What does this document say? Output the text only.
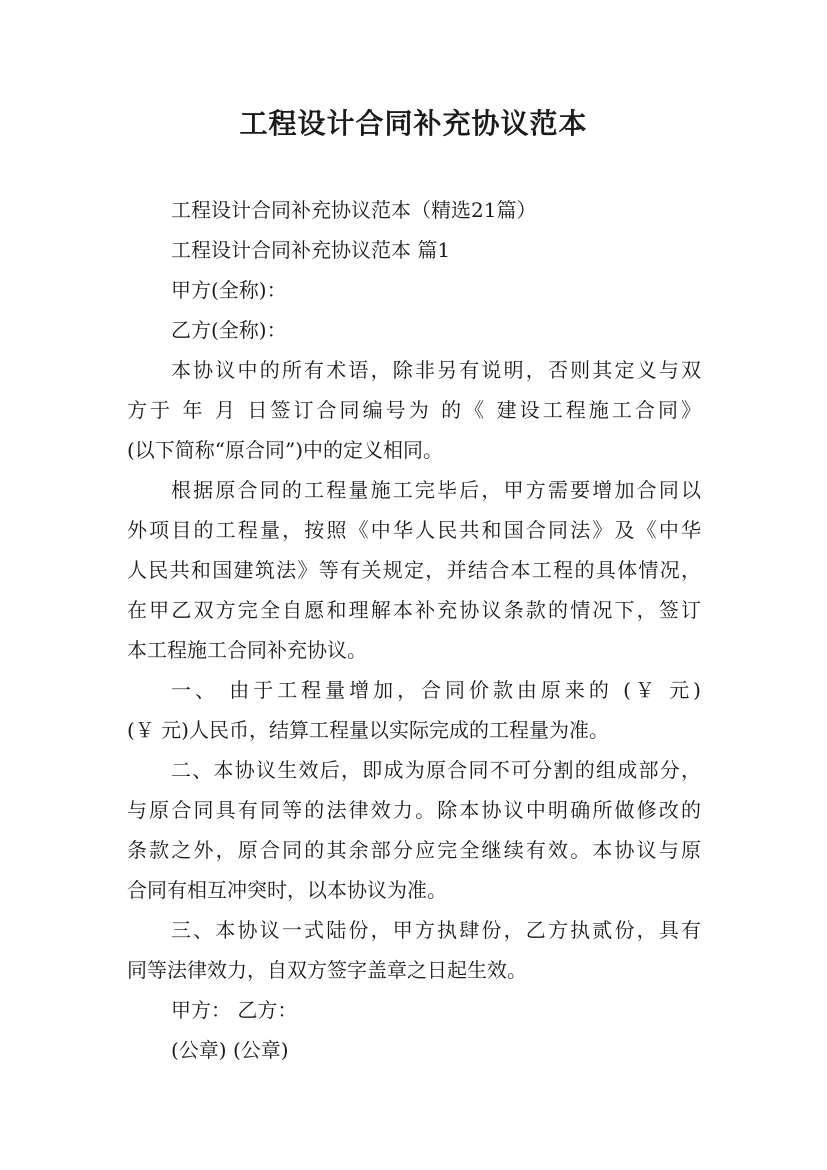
工程设计合同补充协议范本
工程设计合同补充协议范本（精选21篇）
工程设计合同补充协议范本 篇1
甲方(全称)：
乙方(全称)：
本协议中的所有术语，除非另有说明，否则其定义与双
方于 年 月 日签订合同编号为 的《 建设工程施工合同》
(以下简称“原合同”)中的定义相同。
根据原合同的工程量施工完毕后，甲方需要增加合同以
外项目的工程量，按照《中华人民共和国合同法》及《中华
人民共和国建筑法》等有关规定，并结合本工程的具体情况，
在甲乙双方完全自愿和理解本补充协议条款的情况下，签订
本工程施工合同补充协议。
一、 由于工程量增加，合同价款由原来的 (￥ 元)
(￥ 元)人民币，结算工程量以实际完成的工程量为准。
二、本协议生效后，即成为原合同不可分割的组成部分，
与原合同具有同等的法律效力。除本协议中明确所做修改的
条款之外，原合同的其余部分应完全继续有效。本协议与原
合同有相互冲突时，以本协议为准。
三、本协议一式陆份，甲方执肆份，乙方执贰份，具有
同等法律效力，自双方签字盖章之日起生效。
甲方： 乙方：
(公章) (公章)
